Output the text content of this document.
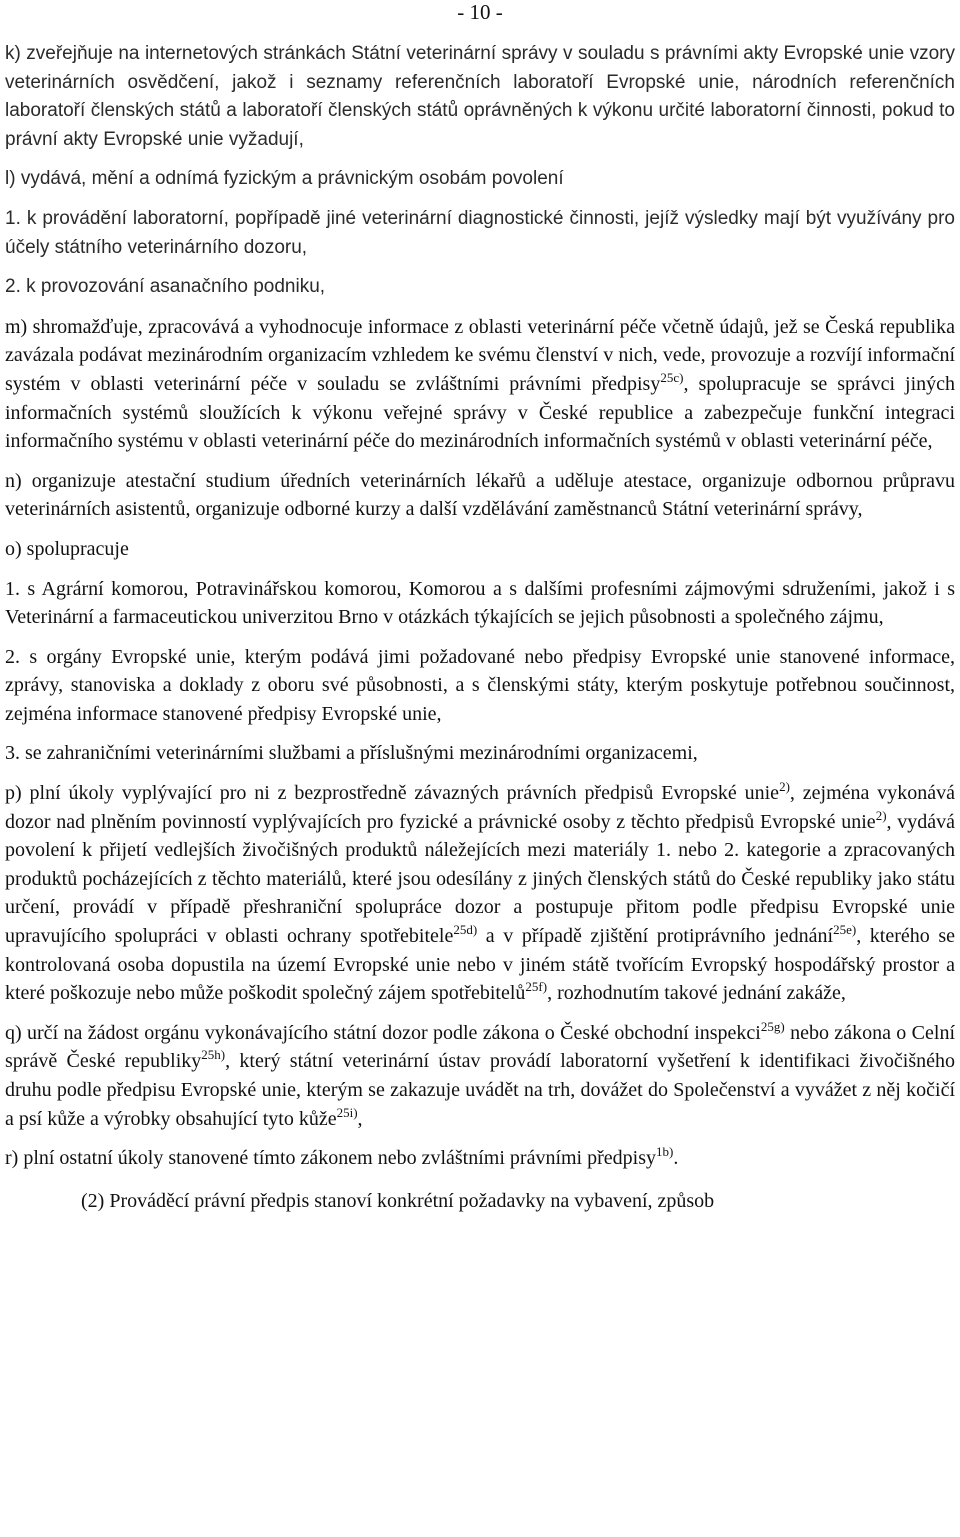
- 10 -

k) zveřejňuje na internetových stránkách Státní veterinární správy v souladu s právními akty Evropské unie vzory veterinárních osvědčení, jakož i seznamy referenčních laboratoří Evropské unie, národních referenčních laboratoří členských států a laboratoří členských států oprávněných k výkonu určité laboratorní činnosti, pokud to právní akty Evropské unie vyžadují,

l) vydává, mění a odnímá fyzickým a právnickým osobám povolení

1. k provádění laboratorní, popřípadě jiné veterinární diagnostické činnosti, jejíž výsledky mají být využívány pro účely státního veterinárního dozoru,

2. k provozování asanačního podniku,

m) shromažďuje, zpracovává a vyhodnocuje informace z oblasti veterinární péče včetně údajů, jež se Česká republika zavázala podávat mezinárodním organizacím vzhledem ke svému členství v nich, vede, provozuje a rozvíjí informační systém v oblasti veterinární péče v souladu se zvláštními právními předpisy$^{25c)}$, spolupracuje se správci jiných informačních systémů sloužících k výkonu veřejné správy v České republice a zabezpečuje funkční integraci informačního systému v oblasti veterinární péče do mezinárodních informačních systémů v oblasti veterinární péče,

n) organizuje atestační studium úředních veterinárních lékařů a uděluje atestace, organizuje odbornou průpravu veterinárních asistentů, organizuje odborné kurzy a další vzdělávání zaměstnanců Státní veterinární správy,

o) spolupracuje

1. s Agrární komorou, Potravinářskou komorou, Komorou a s dalšími profesními zájmovými sdruženími, jakož i s Veterinární a farmaceutickou univerzitou Brno v otázkách týkajících se jejich působnosti a společného zájmu,

2. s orgány Evropské unie, kterým podává jimi požadované nebo předpisy Evropské unie stanovené informace, zprávy, stanoviska a doklady z oboru své působnosti, a s členskými státy, kterým poskytuje potřebnou součinnost, zejména informace stanovené předpisy Evropské unie,

3. se zahraničními veterinárními službami a příslušnými mezinárodními organizacemi,

p) plní úkoly vyplývající pro ni z bezprostředně závazných právních předpisů Evropské unie$^{2)}$, zejména vykonává dozor nad plněním povinností vyplývajících pro fyzické a právnické osoby z těchto předpisů Evropské unie$^{2)}$, vydává povolení k přijetí vedlejších živočišných produktů náležejících mezi materiály 1. nebo 2. kategorie a zpracovaných produktů pocházejících z těchto materiálů, které jsou odesílány z jiných členských států do České republiky jako státu určení, provádí v případě přeshraniční spolupráce dozor a postupuje přitom podle předpisu Evropské unie upravujícího spolupráci v oblasti ochrany spotřebitele$^{25d)}$ a v případě zjištění protiprávního jednání$^{25e)}$, kterého se kontrolovaná osoba dopustila na území Evropské unie nebo v jiném státě tvořícím Evropský hospodářský prostor a které poškozuje nebo může poškodit společný zájem spotřebitelů$^{25f)}$, rozhodnutím takové jednání zakáže,

q) určí na žádost orgánu vykonávajícího státní dozor podle zákona o České obchodní inspekci$^{25g)}$ nebo zákona o Celní správě České republiky$^{25h)}$, který státní veterinární ústav provádí laboratorní vyšetření k identifikaci živočišného druhu podle předpisu Evropské unie, kterým se zakazuje uvádět na trh, dovážet do Společenství a vyvážet z něj kočičí a psí kůže a výrobky obsahující tyto kůže$^{25i)}$,

r) plní ostatní úkoly stanovené tímto zákonem nebo zvláštními právními předpisy$^{1b)}$.

(2) Prováděcí právní předpis stanoví konkrétní požadavky na vybavení, způsob
